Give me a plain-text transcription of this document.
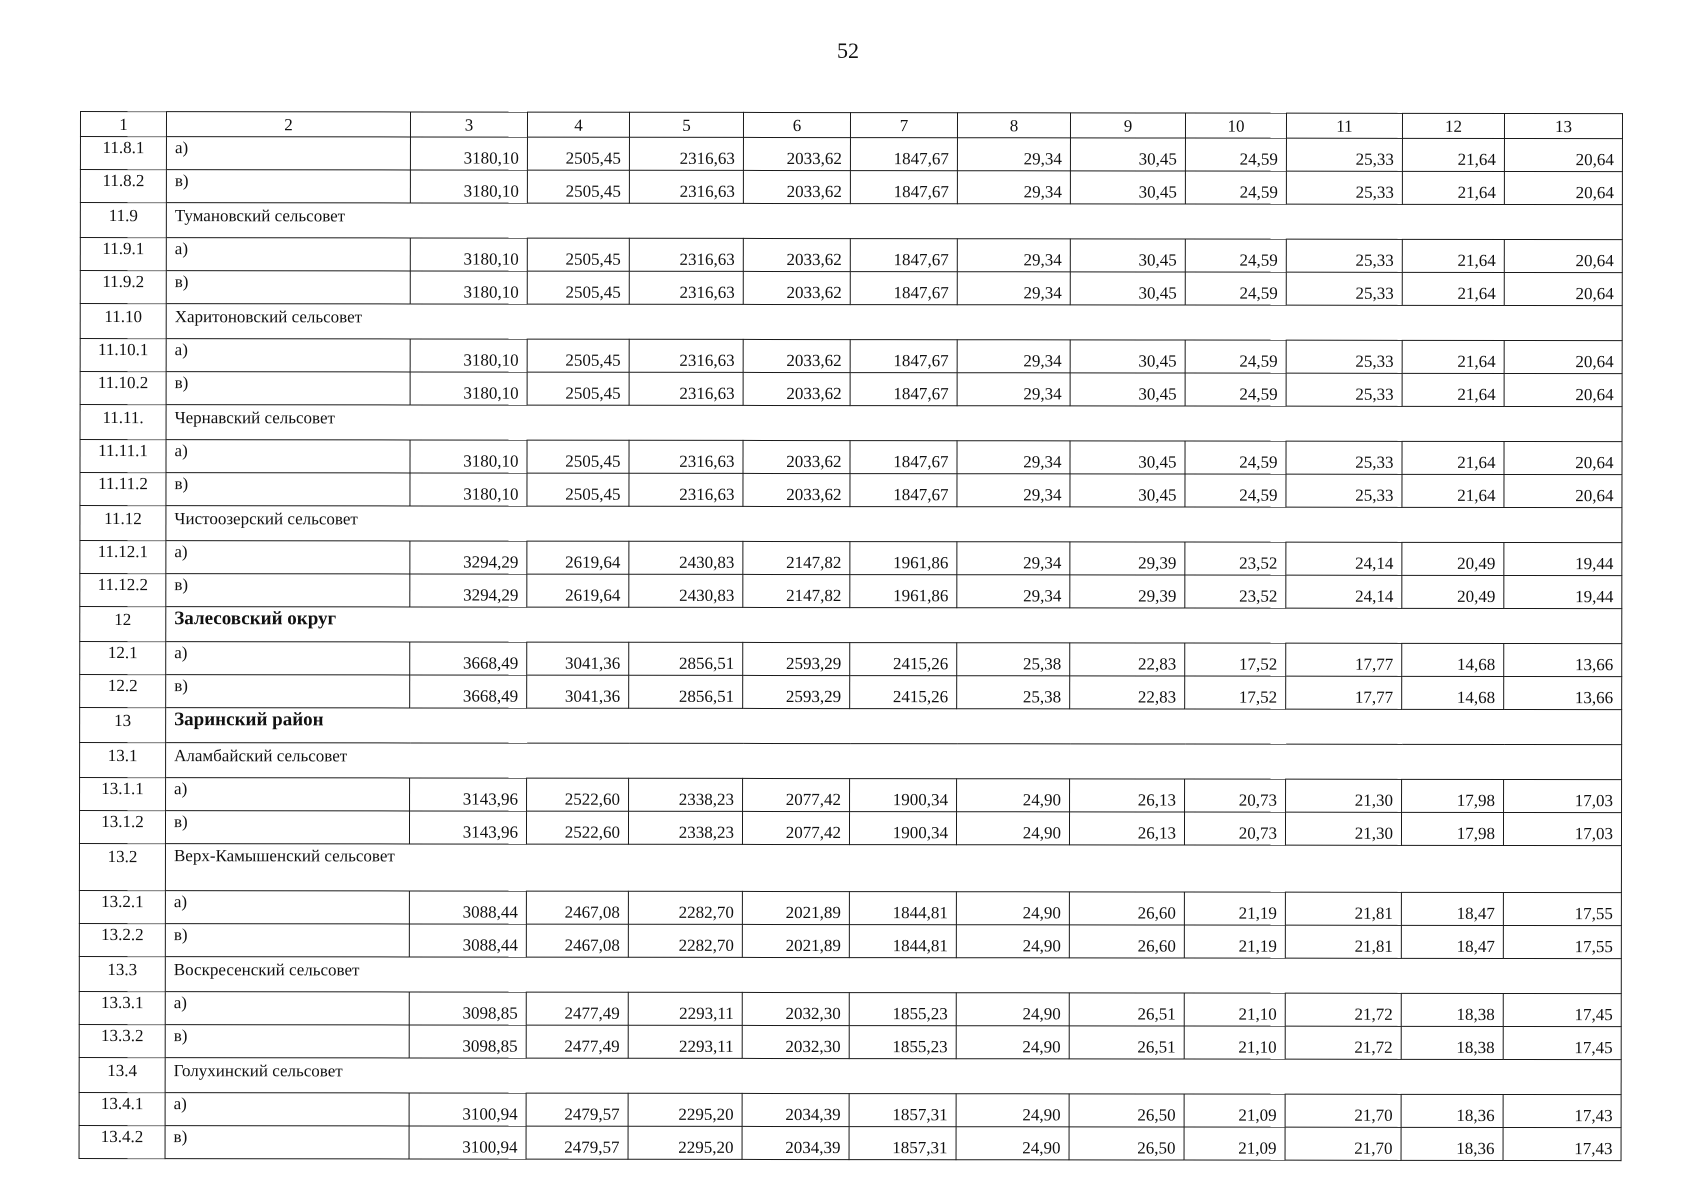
52
1	2	3	4	5	6	7	8	9	10	11	12	13
11.8.1	а)	3180,10	2505,45	2316,63	2033,62	1847,67	29,34	30,45	24,59	25,33	21,64	20,64
11.8.2	в)	3180,10	2505,45	2316,63	2033,62	1847,67	29,34	30,45	24,59	25,33	21,64	20,64
11.9	Тумановский сельсовет											
11.9.1	а)	3180,10	2505,45	2316,63	2033,62	1847,67	29,34	30,45	24,59	25,33	21,64	20,64
11.9.2	в)	3180,10	2505,45	2316,63	2033,62	1847,67	29,34	30,45	24,59	25,33	21,64	20,64
11.10	Харитоновский сельсовет											
11.10.1	а)	3180,10	2505,45	2316,63	2033,62	1847,67	29,34	30,45	24,59	25,33	21,64	20,64
11.10.2	в)	3180,10	2505,45	2316,63	2033,62	1847,67	29,34	30,45	24,59	25,33	21,64	20,64
11.11.	Чернавский сельсовет											
11.11.1	а)	3180,10	2505,45	2316,63	2033,62	1847,67	29,34	30,45	24,59	25,33	21,64	20,64
11.11.2	в)	3180,10	2505,45	2316,63	2033,62	1847,67	29,34	30,45	24,59	25,33	21,64	20,64
11.12	Чистоозерский сельсовет											
11.12.1	а)	3294,29	2619,64	2430,83	2147,82	1961,86	29,34	29,39	23,52	24,14	20,49	19,44
11.12.2	в)	3294,29	2619,64	2430,83	2147,82	1961,86	29,34	29,39	23,52	24,14	20,49	19,44
12	Залесовский округ											
12.1	а)	3668,49	3041,36	2856,51	2593,29	2415,26	25,38	22,83	17,52	17,77	14,68	13,66
12.2	в)	3668,49	3041,36	2856,51	2593,29	2415,26	25,38	22,83	17,52	17,77	14,68	13,66
13	Заринский район											
13.1	Аламбайский сельсовет											
13.1.1	а)	3143,96	2522,60	2338,23	2077,42	1900,34	24,90	26,13	20,73	21,30	17,98	17,03
13.1.2	в)	3143,96	2522,60	2338,23	2077,42	1900,34	24,90	26,13	20,73	21,30	17,98	17,03
13.2	Верх-Камышенский сельсовет											
13.2.1	а)	3088,44	2467,08	2282,70	2021,89	1844,81	24,90	26,60	21,19	21,81	18,47	17,55
13.2.2	в)	3088,44	2467,08	2282,70	2021,89	1844,81	24,90	26,60	21,19	21,81	18,47	17,55
13.3	Воскресенский сельсовет											
13.3.1	а)	3098,85	2477,49	2293,11	2032,30	1855,23	24,90	26,51	21,10	21,72	18,38	17,45
13.3.2	в)	3098,85	2477,49	2293,11	2032,30	1855,23	24,90	26,51	21,10	21,72	18,38	17,45
13.4	Голухинский сельсовет											
13.4.1	а)	3100,94	2479,57	2295,20	2034,39	1857,31	24,90	26,50	21,09	21,70	18,36	17,43
13.4.2	в)	3100,94	2479,57	2295,20	2034,39	1857,31	24,90	26,50	21,09	21,70	18,36	17,43
